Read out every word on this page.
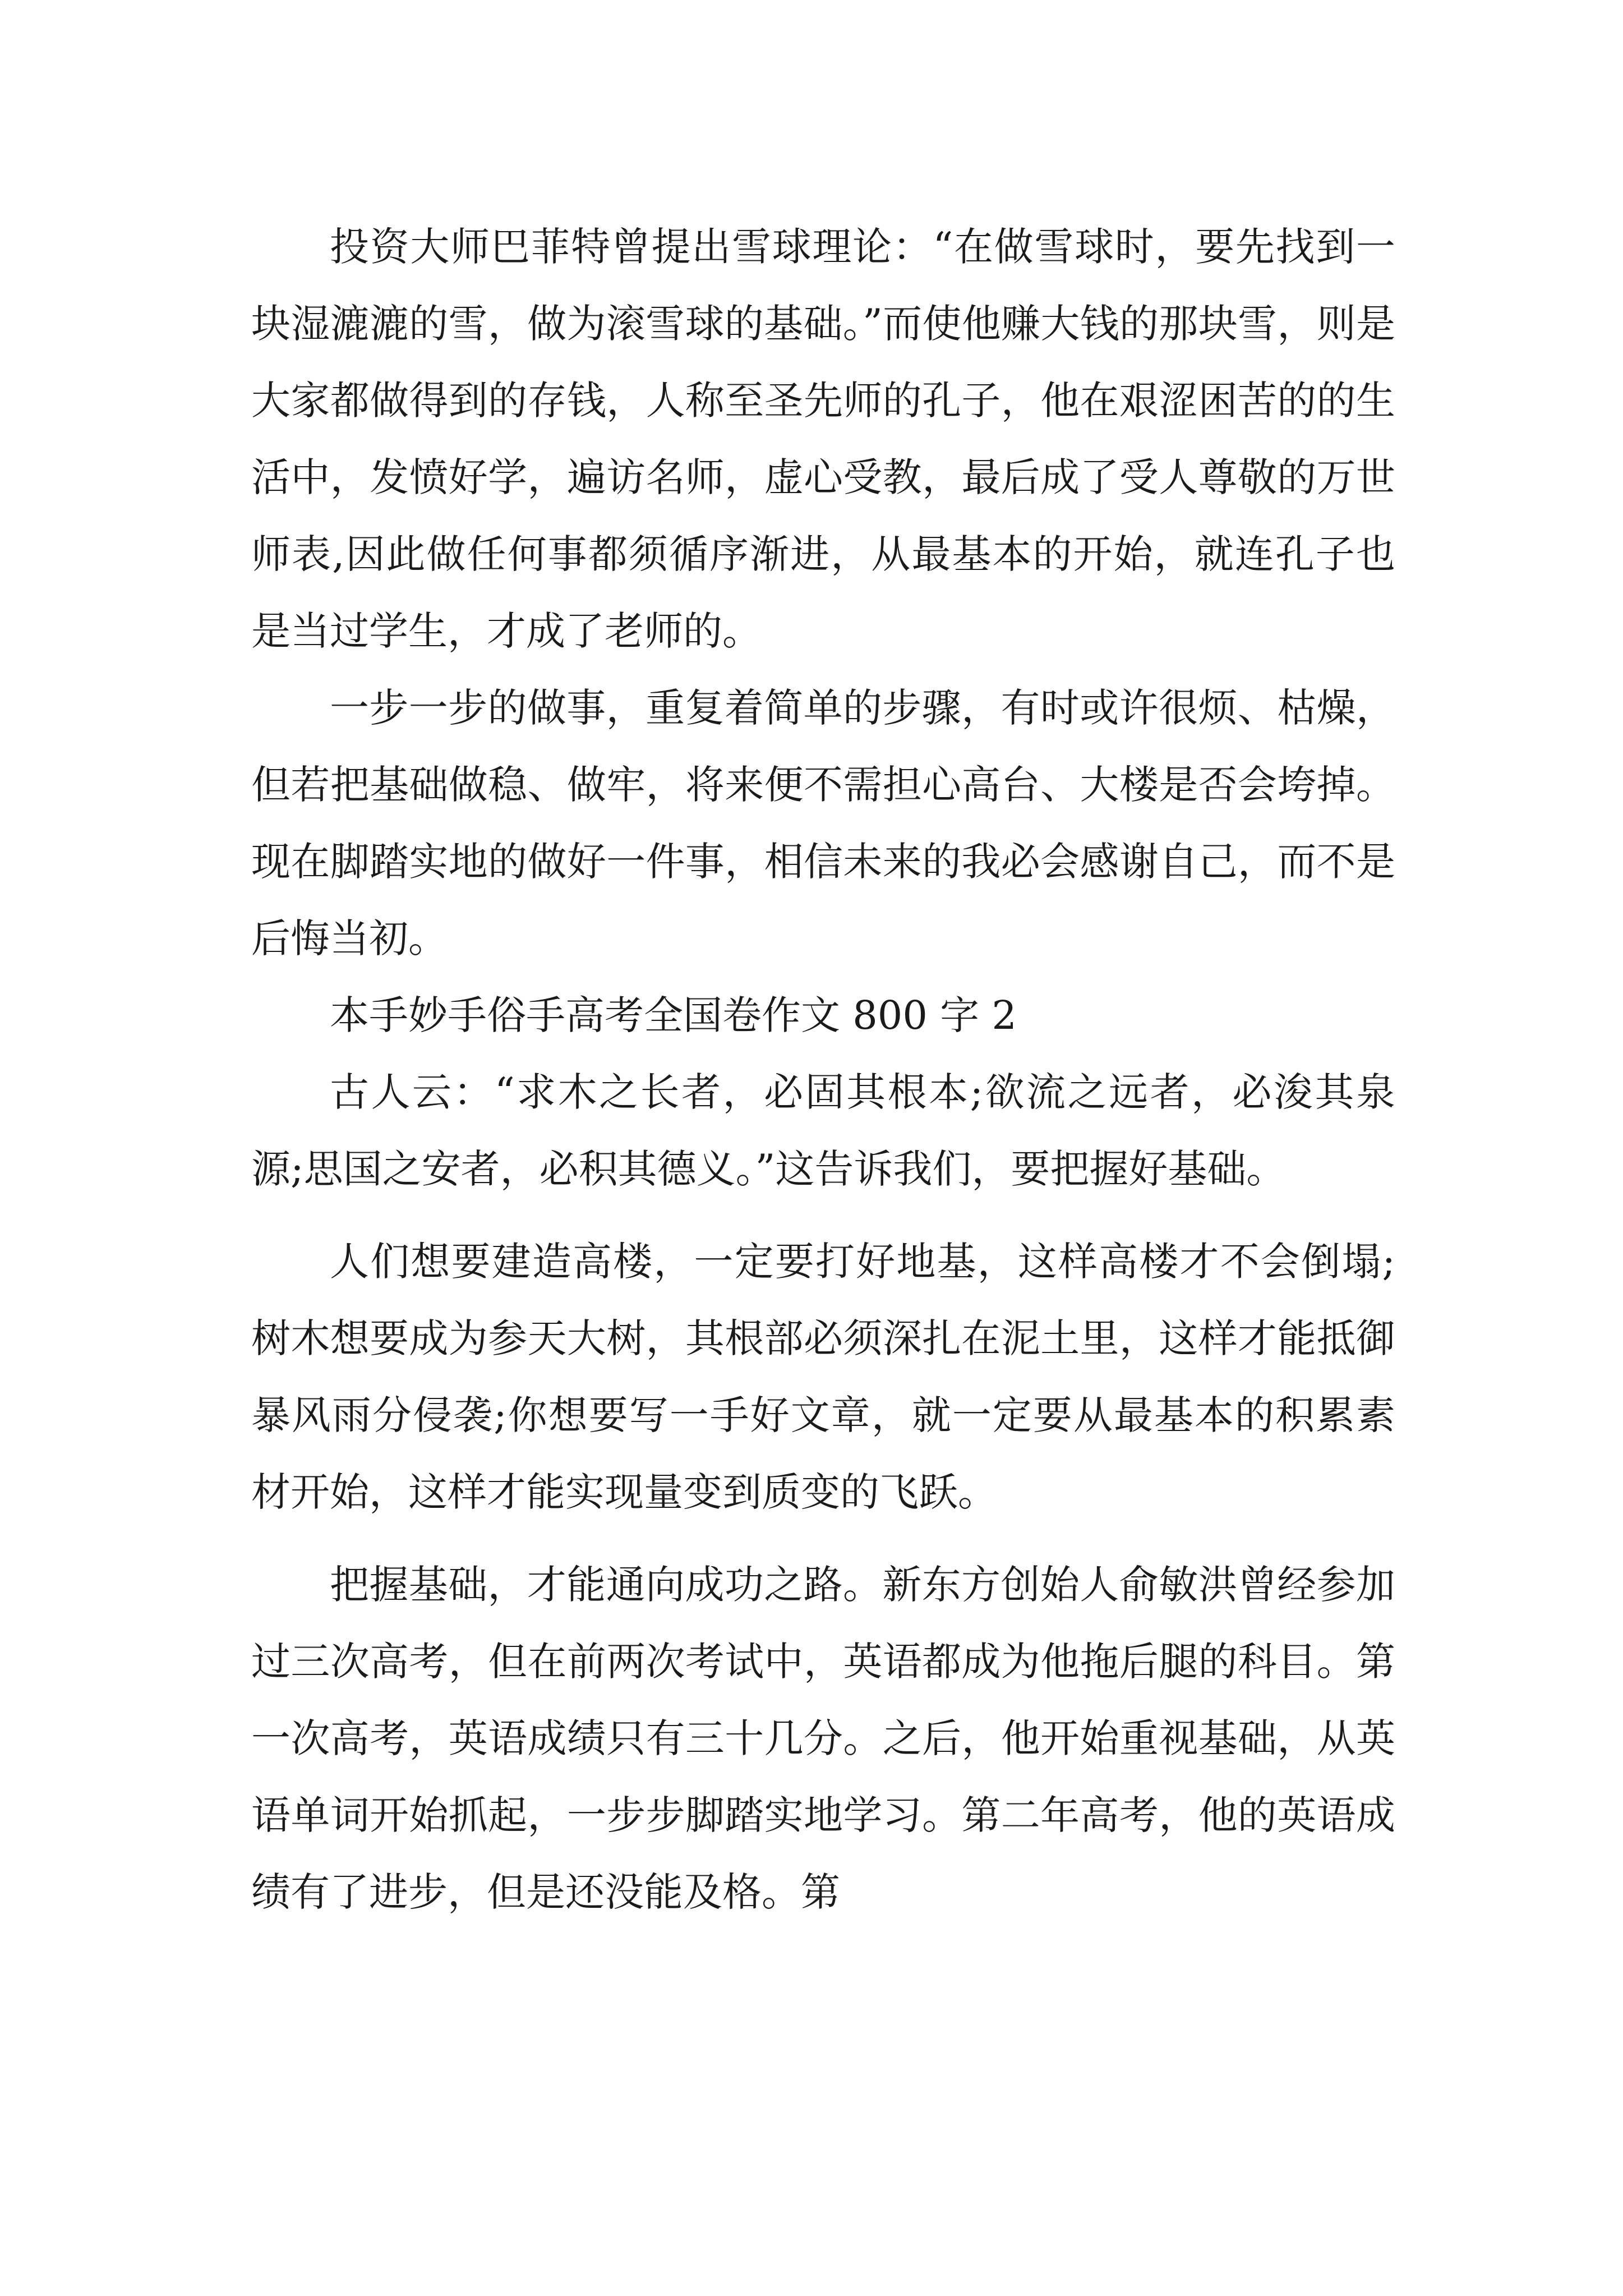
投资大师巴菲特曾提出雪球理论：“在做雪球时，要先找到一块湿漉漉的雪，做为滚雪球的基础。”而使他赚大钱的那块雪，则是大家都做得到的存钱，人称至圣先师的孔子，他在艰涩困苦的的生活中，发愤好学，遍访名师，虚心受教，最后成了受人尊敬的万世师表,因此做任何事都须循序渐进，从最基本的开始，就连孔子也是当过学生，才成了老师的。

一步一步的做事，重复着简单的步骤，有时或许很烦、枯燥，但若把基础做稳、做牢，将来便不需担心高台、大楼是否会垮掉。现在脚踏实地的做好一件事，相信未来的我必会感谢自己，而不是后悔当初。

本手妙手俗手高考全国卷作文 800 字 2

古人云：“求木之长者，必固其根本;欲流之远者，必浚其泉源;思国之安者，必积其德义。”这告诉我们，要把握好基础。

人们想要建造高楼，一定要打好地基，这样高楼才不会倒塌;树木想要成为参天大树，其根部必须深扎在泥土里，这样才能抵御暴风雨分侵袭;你想要写一手好文章，就一定要从最基本的积累素材开始，这样才能实现量变到质变的飞跃。

把握基础，才能通向成功之路。新东方创始人俞敏洪曾经参加过三次高考，但在前两次考试中，英语都成为他拖后腿的科目。第一次高考，英语成绩只有三十几分。之后，他开始重视基础，从英语单词开始抓起，一步步脚踏实地学习。第二年高考，他的英语成绩有了进步，但是还没能及格。第
